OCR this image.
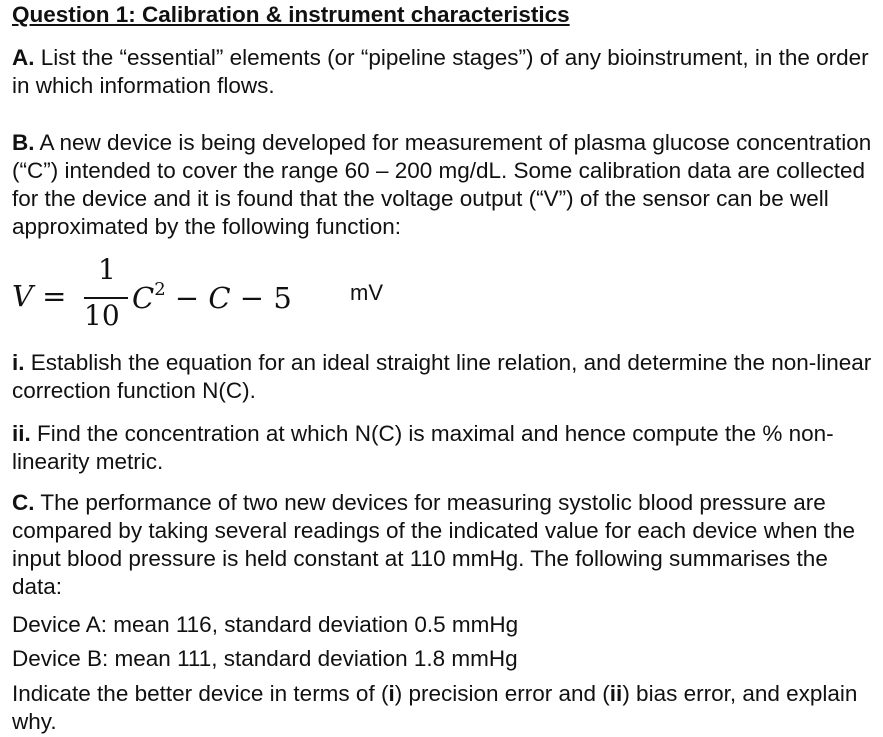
Question 1: Calibration & instrument characteristics

A. List the “essential” elements (or “pipeline stages”) of any bioinstrument, in the order in which information flows.

B. A new device is being developed for measurement of plasma glucose concentration (“C”) intended to cover the range 60 – 200 mg/dL. Some calibration data are collected for the device and it is found that the voltage output (“V”) of the sensor can be well approximated by the following function:

V =
1
10
$C^2 - C - 5$	mV

i. Establish the equation for an ideal straight line relation, and determine the non-linear correction function N(C).

ii. Find the concentration at which N(C) is maximal and hence compute the % non-linearity metric.

C. The performance of two new devices for measuring systolic blood pressure are compared by taking several readings of the indicated value for each device when the input blood pressure is held constant at 110 mmHg. The following summarises the data:

Device A: mean 116, standard deviation 0.5 mmHg

Device B: mean 111, standard deviation 1.8 mmHg

Indicate the better device in terms of (i) precision error and (ii) bias error, and explain why.
